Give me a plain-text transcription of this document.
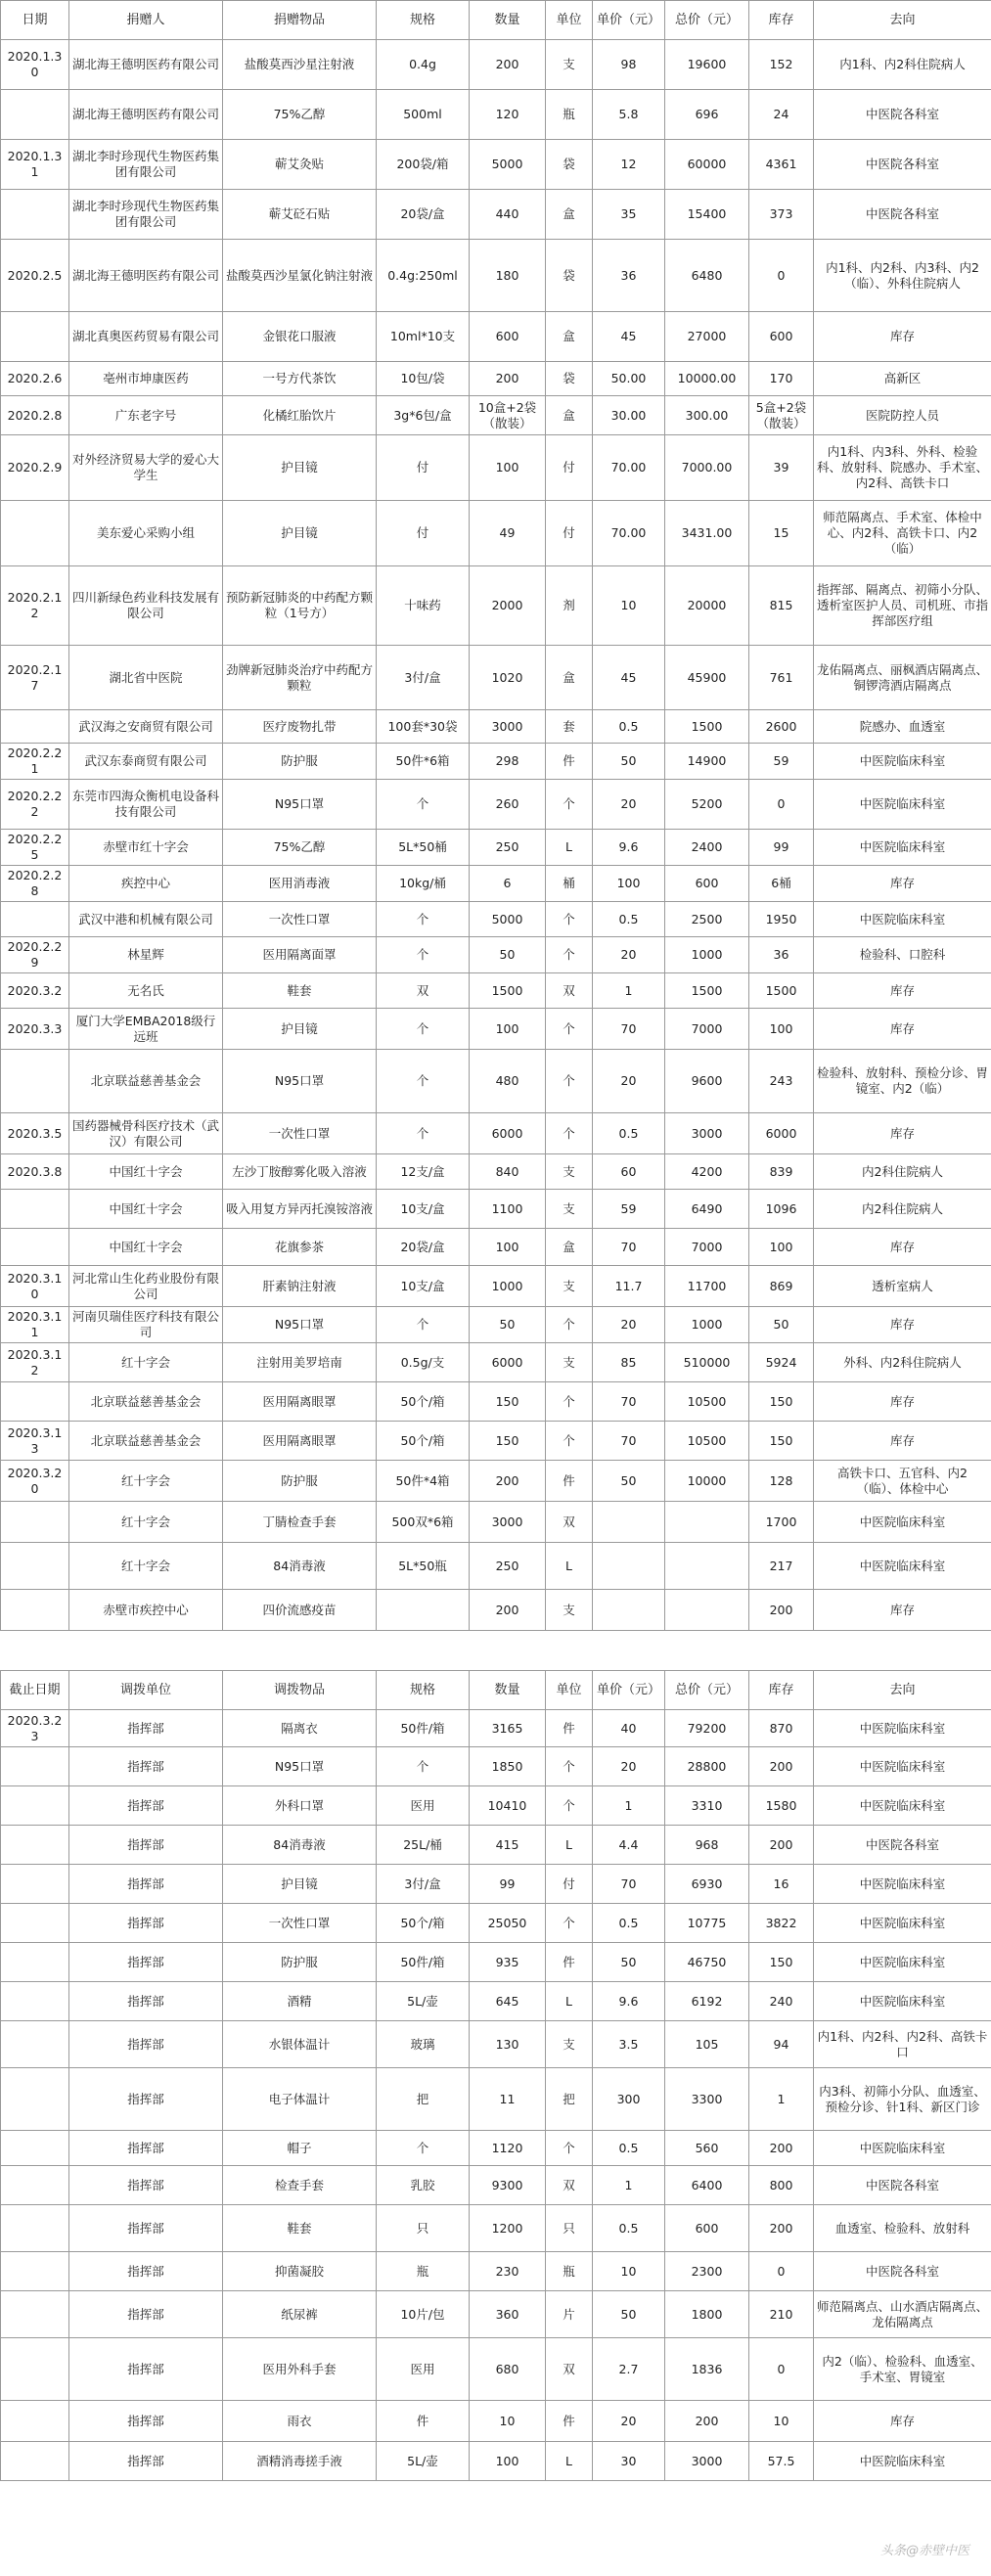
日期	捐赠人	捐赠物品	规格	数量	单位	单价（元）	总价（元）	库存	去向
2020.1.30	湖北海王德明医药有限公司	盐酸莫西沙星注射液	0.4g	200	支	98	19600	152	内1科、内2科住院病人
	湖北海王德明医药有限公司	75%乙醇	500ml	120	瓶	5.8	696	24	中医院各科室
2020.1.31	湖北李时珍现代生物医药集团有限公司	蕲艾灸贴	200袋/箱	5000	袋	12	60000	4361	中医院各科室
	湖北李时珍现代生物医药集团有限公司	蕲艾砭石贴	20袋/盒	440	盒	35	15400	373	中医院各科室
2020.2.5	湖北海王德明医药有限公司	盐酸莫西沙星氯化钠注射液	0.4g:250ml	180	袋	36	6480	0	内1科、内2科、内3科、内2（临）、外科住院病人
	湖北真奥医药贸易有限公司	金银花口服液	10ml*10支	600	盒	45	27000	600	库存
2020.2.6	亳州市坤康医药	一号方代茶饮	10包/袋	200	袋	50.00	10000.00	170	高新区
2020.2.8	广东老字号	化橘红胎饮片	3g*6包/盒	10盒+2袋（散装）	盒	30.00	300.00	5盒+2袋（散装）	医院防控人员
2020.2.9	对外经济贸易大学的爱心大学生	护目镜	付	100	付	70.00	7000.00	39	内1科、内3科、外科、检验科、放射科、院感办、手术室、内2科、高铁卡口
	美东爱心采购小组	护目镜	付	49	付	70.00	3431.00	15	师范隔离点、手术室、体检中心、内2科、高铁卡口、内2（临）
2020.2.12	四川新绿色药业科技发展有限公司	预防新冠肺炎的中药配方颗粒（1号方）	十味药	2000	剂	10	20000	815	指挥部、隔离点、初筛小分队、透析室医护人员、司机班、市指挥部医疗组
2020.2.17	湖北省中医院	劲牌新冠肺炎治疗中药配方颗粒	3付/盒	1020	盒	45	45900	761	龙佑隔离点、丽枫酒店隔离点、铜锣湾酒店隔离点
	武汉海之安商贸有限公司	医疗废物扎带	100套*30袋	3000	套	0.5	1500	2600	院感办、血透室
2020.2.21	武汉东泰商贸有限公司	防护服	50件*6箱	298	件	50	14900	59	中医院临床科室
2020.2.22	东莞市四海众衡机电设备科技有限公司	N95口罩	个	260	个	20	5200	0	中医院临床科室
2020.2.25	赤壁市红十字会	75%乙醇	5L*50桶	250	L	9.6	2400	99	中医院临床科室
2020.2.28	疾控中心	医用消毒液	10kg/桶	6	桶	100	600	6桶	库存
	武汉中港和机械有限公司	一次性口罩	个	5000	个	0.5	2500	1950	中医院临床科室
2020.2.29	林星辉	医用隔离面罩	个	50	个	20	1000	36	检验科、口腔科
2020.3.2	无名氏	鞋套	双	1500	双	1	1500	1500	库存
2020.3.3	厦门大学EMBA2018级行远班	护目镜	个	100	个	70	7000	100	库存
	北京联益慈善基金会	N95口罩	个	480	个	20	9600	243	检验科、放射科、预检分诊、胃镜室、内2（临）
2020.3.5	国药器械骨科医疗技术（武汉）有限公司	一次性口罩	个	6000	个	0.5	3000	6000	库存
2020.3.8	中国红十字会	左沙丁胺醇雾化吸入溶液	12支/盒	840	支	60	4200	839	内2科住院病人
	中国红十字会	吸入用复方异丙托溴铵溶液	10支/盒	1100	支	59	6490	1096	内2科住院病人
	中国红十字会	花旗参茶	20袋/盒	100	盒	70	7000	100	库存
2020.3.10	河北常山生化药业股份有限公司	肝素钠注射液	10支/盒	1000	支	11.7	11700	869	透析室病人
2020.3.11	河南贝瑞佳医疗科技有限公司	N95口罩	个	50	个	20	1000	50	库存
2020.3.12	红十字会	注射用美罗培南	0.5g/支	6000	支	85	510000	5924	外科、内2科住院病人
	北京联益慈善基金会	医用隔离眼罩	50个/箱	150	个	70	10500	150	库存
2020.3.13	北京联益慈善基金会	医用隔离眼罩	50个/箱	150	个	70	10500	150	库存
2020.3.20	红十字会	防护服	50件*4箱	200	件	50	10000	128	高铁卡口、五官科、内2（临）、体检中心
	红十字会	丁腈检查手套	500双*6箱	3000	双			1700	中医院临床科室
	红十字会	84消毒液	5L*50瓶	250	L			217	中医院临床科室
	赤壁市疾控中心	四价流感疫苗		200	支			200	库存
截止日期	调拨单位	调拨物品	规格	数量	单位	单价（元）	总价（元）	库存	去向
2020.3.23	指挥部	隔离衣	50件/箱	3165	件	40	79200	870	中医院临床科室
	指挥部	N95口罩	个	1850	个	20	28800	200	中医院临床科室
	指挥部	外科口罩	医用	10410	个	1	3310	1580	中医院临床科室
	指挥部	84消毒液	25L/桶	415	L	4.4	968	200	中医院各科室
	指挥部	护目镜	3付/盒	99	付	70	6930	16	中医院临床科室
	指挥部	一次性口罩	50个/箱	25050	个	0.5	10775	3822	中医院临床科室
	指挥部	防护服	50件/箱	935	件	50	46750	150	中医院临床科室
	指挥部	酒精	5L/壶	645	L	9.6	6192	240	中医院临床科室
	指挥部	水银体温计	玻璃	130	支	3.5	105	94	内1科、内2科、内2科、高铁卡口
	指挥部	电子体温计	把	11	把	300	3300	1	内3科、初筛小分队、血透室、预检分诊、针1科、新区门诊
	指挥部	帽子	个	1120	个	0.5	560	200	中医院临床科室
	指挥部	检查手套	乳胶	9300	双	1	6400	800	中医院各科室
	指挥部	鞋套	只	1200	只	0.5	600	200	血透室、检验科、放射科
	指挥部	抑菌凝胶	瓶	230	瓶	10	2300	0	中医院各科室
	指挥部	纸尿裤	10片/包	360	片	50	1800	210	师范隔离点、山水酒店隔离点、龙佑隔离点
	指挥部	医用外科手套	医用	680	双	2.7	1836	0	内2（临）、检验科、血透室、手术室、胃镜室
	指挥部	雨衣	件	10	件	20	200	10	库存
	指挥部	酒精消毒搓手液	5L/壶	100	L	30	3000	57.5	中医院临床科室
头条@赤壁中医
